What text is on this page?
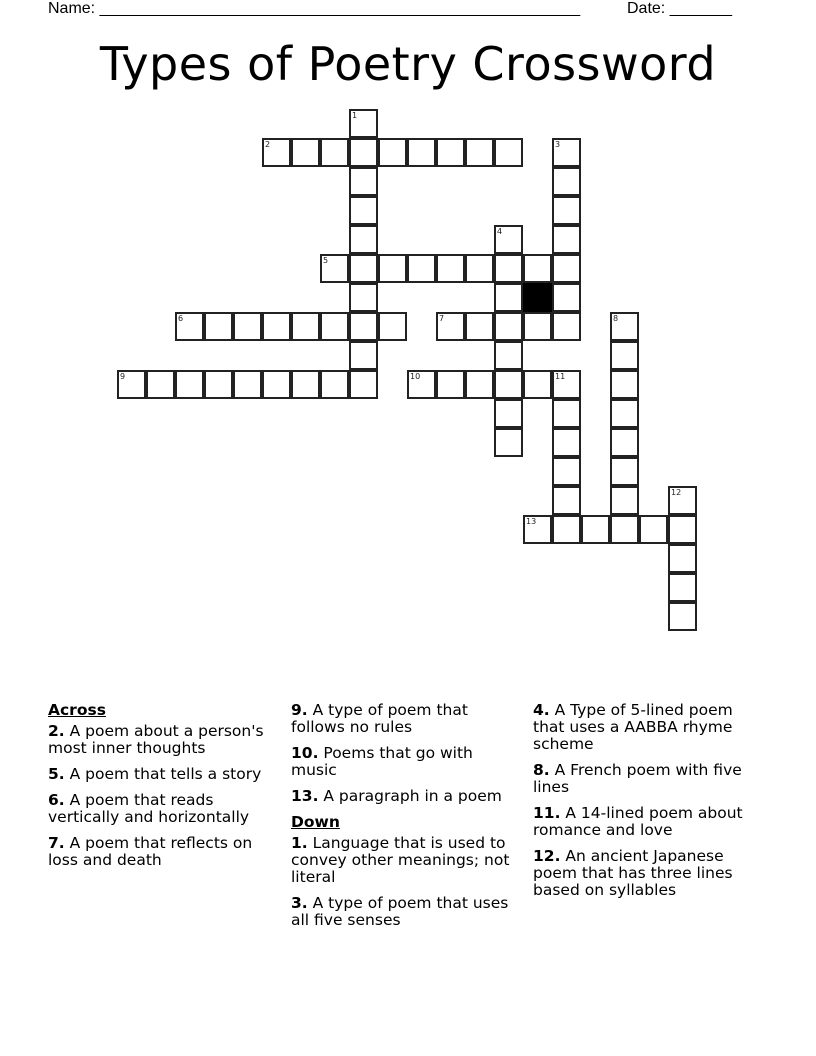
Name: ______________________________________________________	Date: _______
Types of Poetry Crossword
1
2	3
4
5
6	7	8
9	10	11
12
13
Across
2. A poem about a person's most inner thoughts
5. A poem that tells a story
6. A poem that reads vertically and horizontally
7. A poem that reflects on loss and death
9. A type of poem that follows no rules
10. Poems that go with music
13. A paragraph in a poem
Down
1. Language that is used to convey other meanings; not literal
3. A type of poem that uses all five senses
4. A Type of 5-lined poem that uses a AABBA rhyme scheme
8. A French poem with five lines
11. A 14-lined poem about romance and love
12. An ancient Japanese poem that has three lines based on syllables
